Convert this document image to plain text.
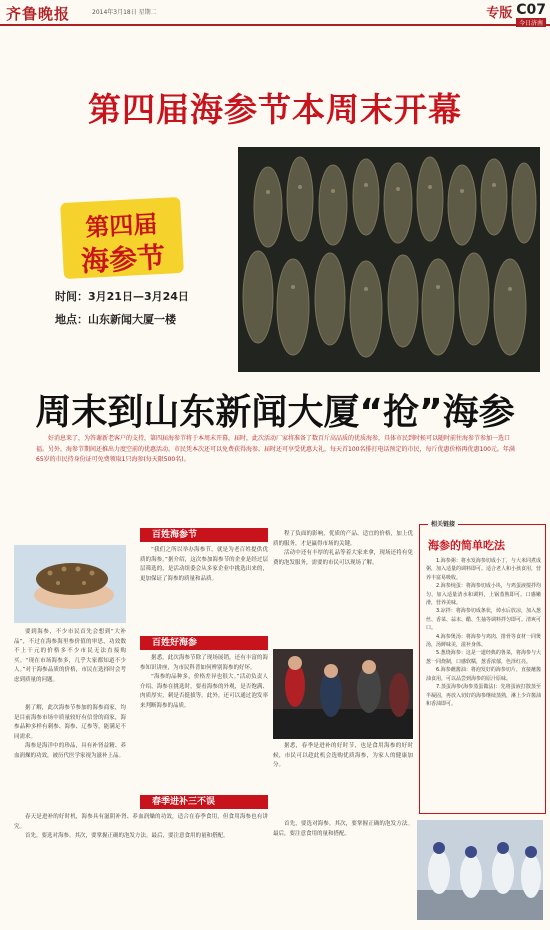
齐鲁晚报	2014年3月18日 星期二	专版 C07
今日济南
第四届海参节本周末开幕
第四届
海参节
时间：3月21日—3月24日
地点：山东新闻大厦一楼
周末到山东新闻大厦“抢”海参
好消息来了，为答谢新老客户的支持，第四届海参节将于本周末开幕，届时，此次活动厂家将准备了数百斤高品质的优质海参，具体市民到时候可以随时前往海参节参加一选口福。另外，海参节期间还推出力度空前的优惠活动。市民凭本次还可以免费获得海参。届时还可享受优惠大礼，每天首100名排打电话预定的市民，每斤优惠价格再优惠100元。年满65岁的市民持身份证可免费领取1只海参(每天限500名)。

要到海参，不少市民首先会想到“大补品”，不过在海参海里参价值的审思，功效数不上干元的价格多不少市民无法直接购买。“现在市场海参多，几乎大家都知道不少人。”对于海参品质的价格，市民在选择时会考虑到质量的问题。

据了解，此次海参节参加的海参商家，均是目前海参市场中质量较好有信誉的商家，海参品种多样有刺参、海参、辽参等，能满足不同需求。

海参是海洋中的珍品，具有补肾益精、养血润燥的功效，被历代医学家视为滋补上品。

百姓海参节
百姓好海参
春季进补三不误

“我们之所以举办海参节，就是为老百姓提供优质的海参。”据介绍，这次参加海参节的企业是经过层层筛选的，是活动组委会从多家企业中挑选出来的，更加保证了海参的质量和品质。

据悉，此次海参节除了现场展销，还有丰富的海参知识讲座，为市民科普如何辨别海参的好坏。

“海参的品种多，价格差异也很大。”活动负责人介绍，海参在挑选时，要看海参的外观，是否饱满、肉质厚实，刺是否挺拔等。此外，还可以通过泡发率来判断海参的品质。

程了负面的影响，优质的产品、适宜的价格，加上优质的服务，才是赢得市场的关键。

活动中还有丰厚的礼品等着大家来拿，现场还将有免费的泡发服务，需要的市民可以现场了解。

据悉，春季是进补的好时节，也是食用海参的好时候，市民可以趁此机会选购优质海参，为家人的健康加分。

春天是进补的好时机，海参具有滋阴补肾、养血润燥的功效，适合在春季食用，但食用海参也有讲究。

首先，要选对海参。其次，要掌握正确的泡发方法。最后，要注意食用的量和搭配。

相关链接
海参的简单吃法

1.海参粥：将水发海参切成小丁，与大米同煮成粥，加入适量的调料即可。适合老人和小孩食用，营养丰富易吸收。

2.海参炖蛋：将海参切成小块，与鸡蛋液搅拌均匀，加入适量清水和调料，上锅蒸熟即可。口感嫩滑，营养美味。

3.凉拌：将海参切成条状，焯水后放凉，加入葱丝、香菜、蒜末、醋、生抽等调料拌匀即可。清爽可口。

4.海参煲汤：将海参与鸡肉、排骨等食材一同煲汤，汤鲜味美，滋补身体。

5.葱烧海参：这是一道经典的鲁菜，将海参与大葱一同烧制，口感软糯，葱香浓郁，色泽红亮。

6.海参蘸酱油：将泡发好的海参切片，直接蘸酱油食用，可以品尝到海参的原汁原味。

7.蒸蛋海参(海参蒸蛋做法)：先将蛋液打散蒸至半凝固，再放入切好的海参继续蒸熟，淋上少许酱油和香油即可。

首先，要选对海参。其次，要掌握正确的泡发方法。最后，要注意食用的量和搭配。
